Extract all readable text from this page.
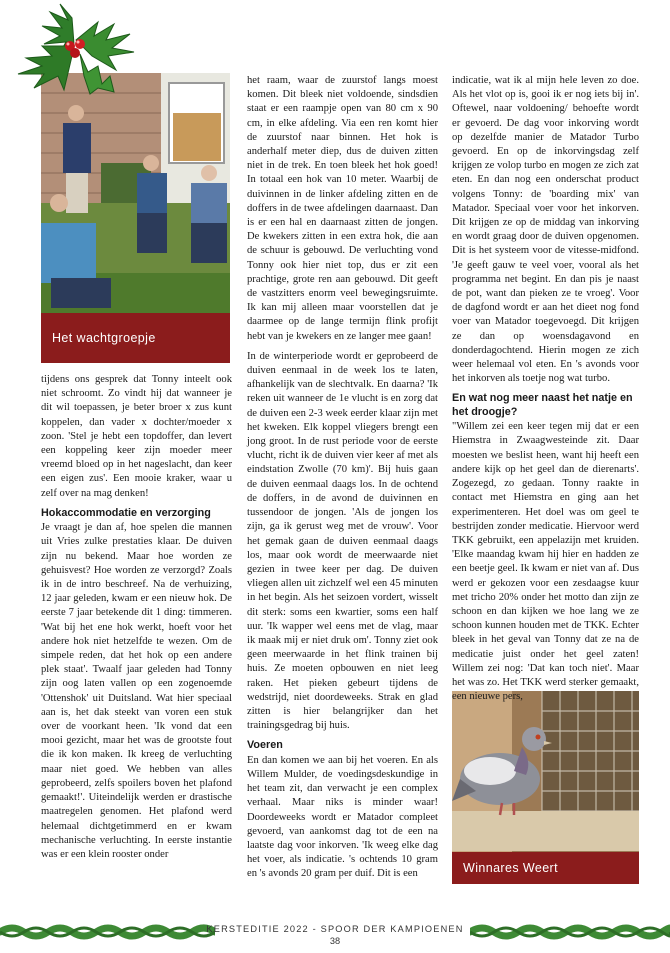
Het wachtgroepje
Winnares Weert

tijdens ons gesprek dat Tonny inteelt ook niet schroomt. Zo vindt hij dat wanneer je dit wil toepassen, je beter broer x zus kunt koppelen, dan vader x dochter/moeder x zoon. 'Stel je hebt een topdoffer, dan levert een koppeling keer zijn moeder meer vreemd bloed op in het nageslacht, dan keer een eigen zus'. Een mooie kraker, waar u zelf over na mag denken!

Hokaccommodatie en verzorging

Je vraagt je dan af, hoe spelen die mannen uit Vries zulke prestaties klaar. De duiven zijn nu bekend. Maar hoe worden ze gehuisvest? Hoe worden ze verzorgd? Zoals ik in de intro beschreef. Na de verhuizing, 12 jaar geleden, kwam er een nieuw hok. De eerste 7 jaar betekende dit 1 ding: timmeren. 'Wat bij het ene hok werkt, hoeft voor het andere hok niet hetzelfde te wezen. Om de simpele reden, dat het hok op een andere plek staat'. Twaalf jaar geleden had Tonny zijn oog laten vallen op een zogenoemde 'Ottenshok' uit Duitsland. Wat hier speciaal aan is, het dak steekt van voren een stuk over de voorkant heen. 'Ik vond dat een mooi gezicht, maar het was de grootste fout die ik kon maken. Ik kreeg de verluchting maar niet goed. We hebben van alles geprobeerd, zelfs spoilers boven het plafond gemaakt!'. Uiteindelijk werden er drastische maatregelen genomen. Het plafond werd helemaal dichtgetimmerd en er kwam mechanische verluchting. In eerste instantie was er een klein rooster onder

het raam, waar de zuurstof langs moest komen. Dit bleek niet voldoende, sindsdien staat er een raampje open van 80 cm x 90 cm, in elke afdeling. Via een ren komt hier de zuurstof naar binnen. Het hok is anderhalf meter diep, dus de duiven zitten niet in de trek. En toen bleek het hok goed! In totaal een hok van 10 meter. Waarbij de duivinnen in de linker afdeling zitten en de doffers in de twee afdelingen daarnaast. Dan is er een hal en daarnaast zitten de jongen. De kwekers zitten in een extra hok, die aan de schuur is gebouwd. De verluchting vond Tonny ook hier niet top, dus er zit een prachtige, grote ren aan gebouwd. Dit geeft de vastzitters enorm veel bewegingsruimte. Ik kan mij alleen maar voorstellen dat je daarmee op de lange termijn flink profijt hebt van je kwekers en ze langer mee gaan!

In de winterperiode wordt er geprobeerd de duiven eenmaal in de week los te laten, afhankelijk van de slechtvalk. En daarna? 'Ik reken uit wanneer de 1e vlucht is en zorg dat de duiven een 2-3 week eerder klaar zijn met het kweken. Elk koppel vliegers brengt een jong groot. In de rust periode voor de eerste vlucht, richt ik de duiven vier keer af met als eindstation Zwolle (70 km)'. Bij huis gaan de duiven eenmaal daags los. In de ochtend de doffers, in de avond de duivinnen en tussendoor de jongen. 'Als de jongen los zijn, ga ik gerust weg met de vrouw'. Voor het gemak gaan de duiven eenmaal daags los, maar ook wordt de meerwaarde niet gezien in twee keer per dag. De duiven vliegen allen uit zichzelf wel een 45 minuten in het begin. Als het seizoen vordert, wisselt dit sterk: soms een kwartier, soms een half uur. 'Ik wapper wel eens met de vlag, maar ik maak mij er niet druk om'. Tonny ziet ook geen meerwaarde in het flink trainen bij huis. Ze moeten opbouwen en niet leeg raken. Het pieken gebeurt tijdens de wedstrijd, niet doordeweeks. Strak en glad zitten is hier belangrijker dan het trainingsgedrag bij huis.

Voeren

En dan komen we aan bij het voeren. En als Willem Mulder, de voedingsdeskundige in het team zit, dan verwacht je een complex verhaal. Maar niks is minder waar! Doordeweeks wordt er Matador compleet gevoerd, van aankomst dag tot de een na laatste dag voor inkorven. 'Ik weeg elke dag het voer, als indicatie. 's ochtends 10 gram en 's avonds 20 gram per duif. Dit is een

indicatie, wat ik al mijn hele leven zo doe. Als het vlot op is, gooi ik er nog iets bij in'. Oftewel, naar voldoening/ behoefte wordt er gevoerd. De dag voor inkorving wordt op dezelfde manier de Matador Turbo gevoerd. En op de inkorvingsdag zelf krijgen ze volop turbo en mogen ze zich zat eten. En dan nog een onderschat product volgens Tonny: de 'boarding mix' van Matador. Speciaal voer voor het inkorven. Dit krijgen ze op de middag van inkorving en wordt graag door de duiven opgenomen. Dit is het systeem voor de vitesse-midfond. 'Je geeft gauw te veel voer, vooral als het programma net begint. En dan pis je naast de pot, want dan pieken ze te vroeg'. Voor de dagfond wordt er aan het dieet nog fond voer van Matador toegevoegd. Dit krijgen ze dan op woensdagavond en donderdagochtend. Hierin mogen ze zich weer helemaal vol eten. En 's avonds voor het inkorven als toetje nog wat turbo.

En wat nog meer naast het natje en het droogje?

"Willem zei een keer tegen mij dat er een Hiemstra in Zwaagwesteinde zit. Daar moesten we beslist heen, want hij heeft een andere kijk op het geel dan de dierenarts'. Zogezegd, zo gedaan. Tonny raakte in contact met Hiemstra en ging aan het experimenteren. Het doel was om geel te bestrijden zonder medicatie. Hiervoor werd TKK gebruikt, een appelazijn met kruiden. 'Elke maandag kwam hij hier en hadden ze een beetje geel. Ik kwam er niet van af. Dus werd er gekozen voor een zesdaagse kuur met tricho 20% onder het motto dan zijn ze schoon en dan kijken we hoe lang we ze schoon kunnen houden met de TKK. Echter bleek in het geval van Tonny dat ze na de medicatie juist onder het geel zaten! Willem zei nog: 'Dat kan toch niet'. Maar het was zo. Het TKK werd sterker gemaakt, een nieuwe pers,

KERSTEDITIE 2022 - SPOOR DER KAMPIOENEN
38
